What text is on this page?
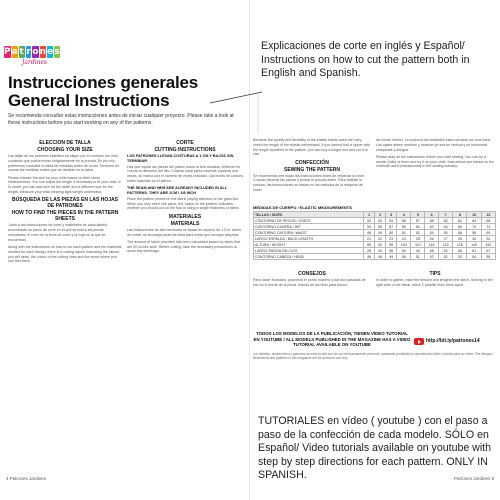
P a t r o n e s
Jardines
Instrucciones generales
General Instructions
Se recomienda consultar estas instrucciones antes de iniciar cualquier proyecto. Please take a look at these instructions before you start working on any of the patterns.
ELECCIÓN DE TALLA
CHOOSING YOUR SIZE
Las tallas de los patrones infantiles se eligen por el contorno del niño, cuidando que pueda entrar holgadamente en la prenda. Es por ello, preferimos consultar tu tabla de medidas antes de cortar. Tenemos en cuenta las medidas reales que se detallan en la tabla.
Please choose the size for your child based on their chest measurement. You can adjust the length if necessary to fit your child. If in doubt, you can add size for the width and a different size for the length. Measure your child wearing light-weight underwear.
BÚSQUEDA DE LAS PIEZAS EN LAS HOJAS DE PATRONES
HOW TO FIND THE PIECES IN THE PATTERN SHEETS
Junto a las instrucciones de corte y materiales de cada diseño, encontrarás un plano de corte en el que se indica las piezas necesarias, el color de la línea de corte y la hoja en la que se encuentran.
Along with the instructions on how to cut each pattern and the materials needed for each design, there is a cutting layout, indicating the pieces you will need, the colour of the cutting lines and the sheet where you can find them.
CORTE
CUTTING INSTRUCTIONS
LOS PATRONES LLEVAN COSTURAS A 1 CM Y BAJOS SIN TERMINAR.
Hay que copiar las piezas del patrón sobre la tela doblada, teniendo en cuenta la dirección del hilo. Cuando cada pieza necesite copiarse dos veces, se marca con el número de veces indicado. Las líneas de costura están incluidas en el patrón.
THE SEAM AND HEM ARE ALREADY INCLUDED IN ALL PATTERNS. THEY ARE 1CM / 1/8 INCH
Place the pattern pieces on the fabric paying attention to the grain line. When you only need one piece, the 'make on the pattern' indicates whether you should cut on the fold or using a single thickness of fabric.
MATERIALES
MATERIALS
Las indicaciones de tela necesaria se basan en anchos de 1.5 m. Antes de cortar, se aconseja lavar las telas para evitar que encojan después.
The amount of fabric provided has been calculated based on fabric that are 60 inches wide. Before cutting, take the necessary precautions to avoid any shrinkage.
4 Patrones Jardines
Because the quality and flexibility of the elastic bands used can vary, check the length of the elastic beforehand. If you cannot find a zipper with the length specified in the pattern, you can buy a longer one and cut it to size.
CONFECCIÓN
SEWING THE PATTERN
Se recomienda leer todas las instrucciones antes de empezar a coser. Cuando hilvanar las piezas y probar la prenda antes. Para facilitar la costura, las instrucciones se basan en los métodos de la máquina de coser.
del borde interior. La anchura del dobladillo está marcada con esa línea. Los ojales deben medirse y hacerse ya sea en vertical y en horizontal chaquetas y abrigos.
Please read all the instructions before you start sewing. You can try a muslin (toile) of them and try it on your child. Instructions are based on the methods used professionally in the sewing industry.
MEDIDAS DE CUERPO / ELASTIC MEASUREMENTS
TALLAS / SIZES	1	2	3	4	5	6	7	8	10	12
CONTORNO DE PECHO / CHEST	52	53	54	56	57	58	60	62	64	68
CONTORNO CADERA / HIP	54	55	57	59	60	62	64	66	70	74
CONTORNO CINTURA / WAIST	48	49	50	51	52	54	55	56	58	60
LARGO ESPALDA / BACK LENGTH	21	22	23	24	25	26	27	28	30	32
ALTURA / HEIGHT	80	92	98	104	110	116	122	128	140	152
LARGO PANTALÓN / LEG	28	32	36	40	44	48	52	56	61	67
CONTORNO CABEZA / HEAD	46	48	49	50	51	52	52	53	54	55
CONSEJOS
Para hacer fruncidos, ponemos el punto máximo y dar dos pasadas de hilo en el borde de la pieza, tirando de los hilos para fruncir.
TIPS
In order to gather, raise the tension and lengthen the stitch. Sewing to the right side of the fabric, stitch 2 parallel lines 5mm apart.
TODOS LOS MODELOS DE LA PUBLICACIÓN, TIENEN VÍDEO TUTORIAL EN YOUTUBE / ALL MODELS PUBLISHED IN THE MAGAZINE HAS A VIDEO TUTORIAL AVAILABLE ON YOUTUBE
http://bit.ly/patrones14
Los diseños, ilustraciones y patrones de esta revista son de uso exclusivamente personal, quedando prohibida su reproducción total o parcial para su venta. The designs, illustrations and patterns in this magazine are for personal use only.
Patrones Jardines 5
Explicaciones de corte en inglés y Español/ Instructions on how to cut the pattern both in English and Spanish.
TUTORIALES en vídeo ( youtube ) con el paso a paso de la confección de cada modelo. SÓLO en Español/ Video tutorials available on youtube with step by step directions for each pattern. ONLY IN SPANISH.
